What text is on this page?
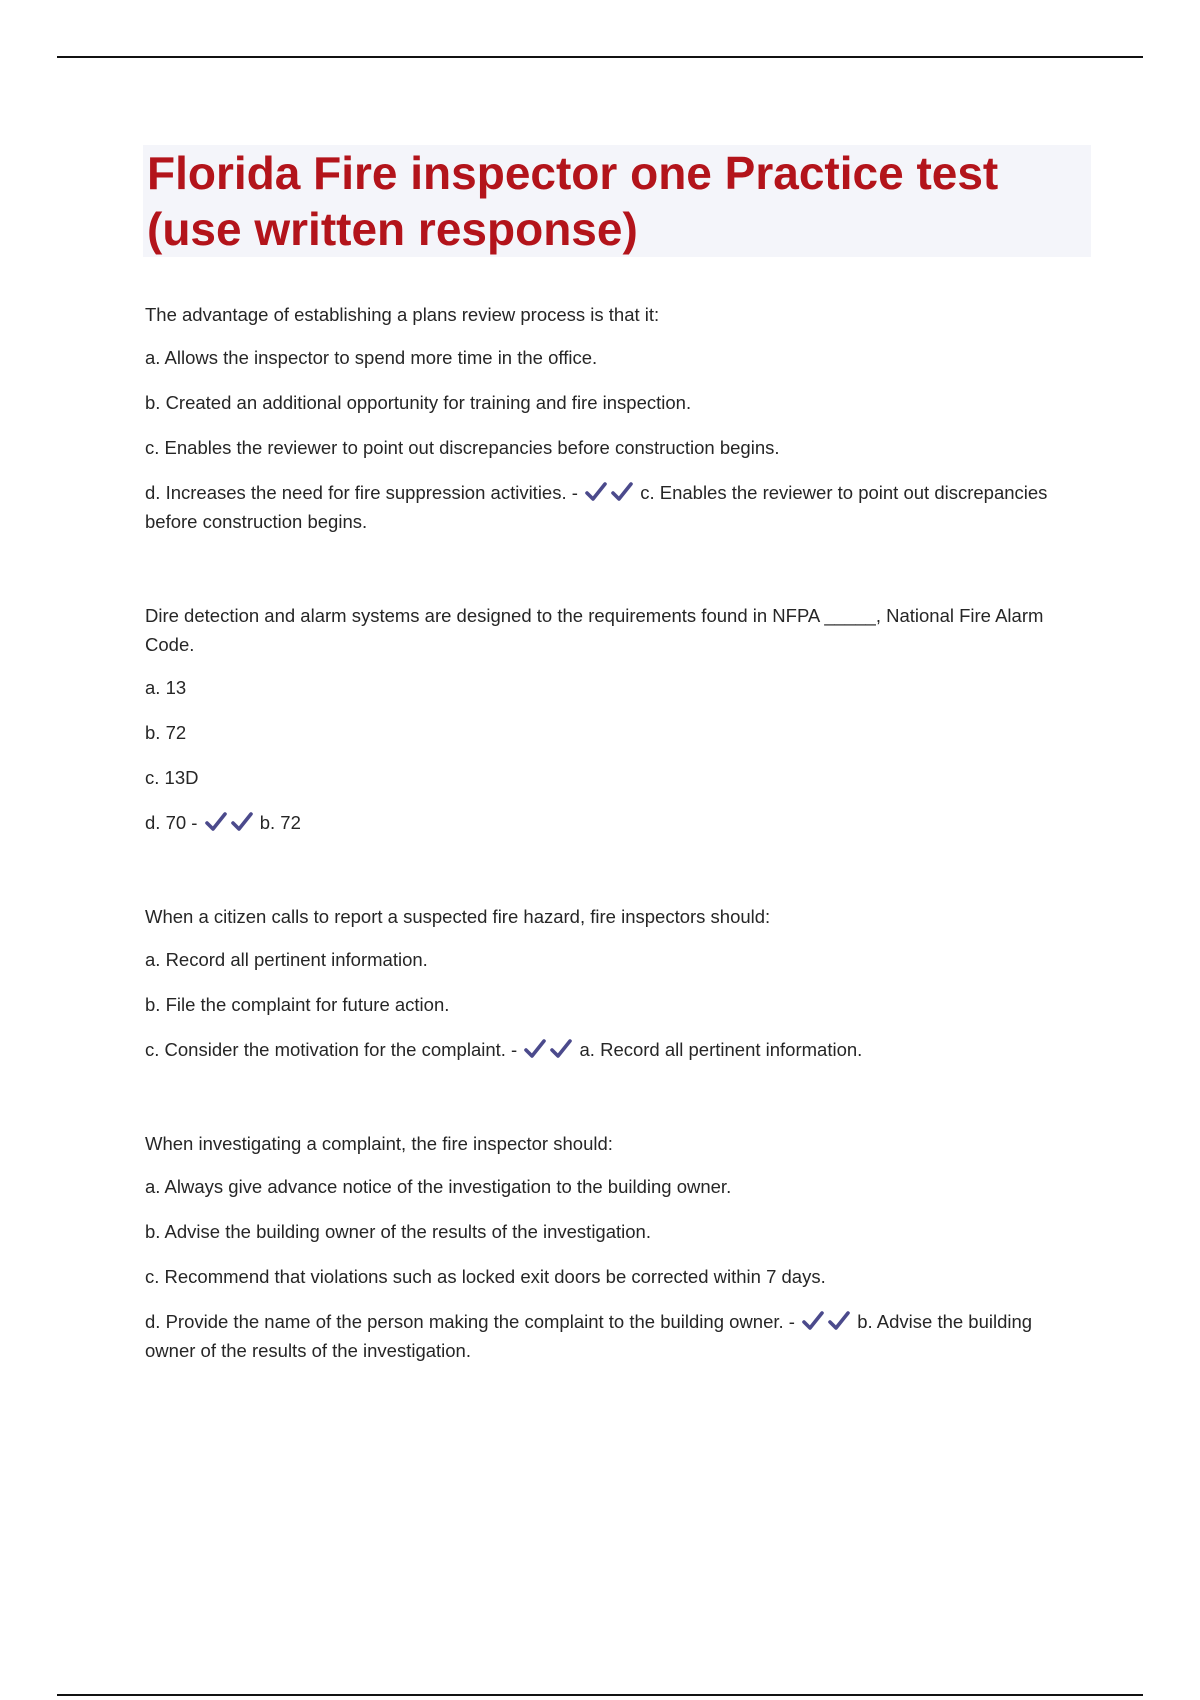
Florida Fire inspector one Practice test
(use written response)
The advantage of establishing a plans review process is that it:
a. Allows the inspector to spend more time in the office.
b. Created an additional opportunity for training and fire inspection.
c. Enables the reviewer to point out discrepancies before construction begins.
d. Increases the need for fire suppression activities. -	c. Enables the reviewer to point out discrepancies before construction begins.
Dire detection and alarm systems are designed to the requirements found in NFPA _____, National Fire Alarm Code.
a. 13
b. 72
c. 13D
d. 70 -	b. 72
When a citizen calls to report a suspected fire hazard, fire inspectors should:
a. Record all pertinent information.
b. File the complaint for future action.
c. Consider the motivation for the complaint. -	a. Record all pertinent information.
When investigating a complaint, the fire inspector should:
a. Always give advance notice of the investigation to the building owner.
b. Advise the building owner of the results of the investigation.
c. Recommend that violations such as locked exit doors be corrected within 7 days.
d. Provide the name of the person making the complaint to the building owner. -	b. Advise the building owner of the results of the investigation.
